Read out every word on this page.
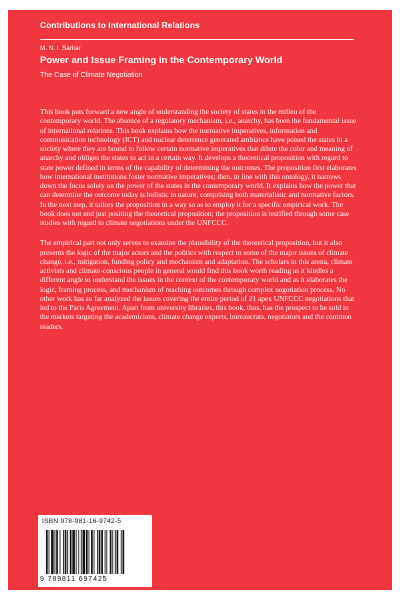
Contributions to International Relations
M. N. I. Sarkar
Power and Issue Framing in the Contemporary World
The Case of Climate Negotiation

This book puts forward a new angle of understanding the society of states in the milieu of the contemporary world. The absence of a regulatory mechanism, i.e., anarchy, has been the fundamental issue of international relations. This book explains how the normative imperatives, information and communication technology (ICT) and nuclear deterrence generated ambiance have poised the states in a society where they are bound to follow certain normative imperatives that dilute the color and meaning of anarchy and obliges the states to act in a certain way. It develops a theoretical proposition with regard to state power defined in terms of the capability of determining the outcomes. The proposition first elaborates how international institutions foster normative imperatives; then, in line with this ontology, it narrows down the focus solely on the power of the states in the contemporary world. It explains how the power that can determine the outcome today is holistic in nature, comprising both materialistic and normative factors. In the next step, it tailors the proposition in a way so as to employ it for a specific empirical work. The book does not end just positing the theoretical proposition; the proposition is testified through some case studies with regard to climate negotiations under the UNFCCC.

The empirical part not only serves to examine the plausibility of the theoretical proposition, but it also presents the logic of the major actors and the politics with respect to some of the major issues of climate change, i.e., mitigation, funding policy and mechanism and adaptation. The scholars in this arena, climate activists and climate-conscious people in general would find this book worth reading as it kindles a different angle to understand the issues in the context of the contemporary world and as it elaborates the logic, framing process, and mechanism of reaching outcomes through complex negotiation process. No other work has so far analyzed the issues covering the entire period of 21 apex UNFCCC negotiations that led to the Paris Agreement. Apart from university libraries, this book, thus, has the prospect to be sold in the markets targeting the academicians, climate change experts, bureaucrats, negotiators and the common readers.

ISBN 978-981-16-9742-5
9 789811 697425
springer.com
